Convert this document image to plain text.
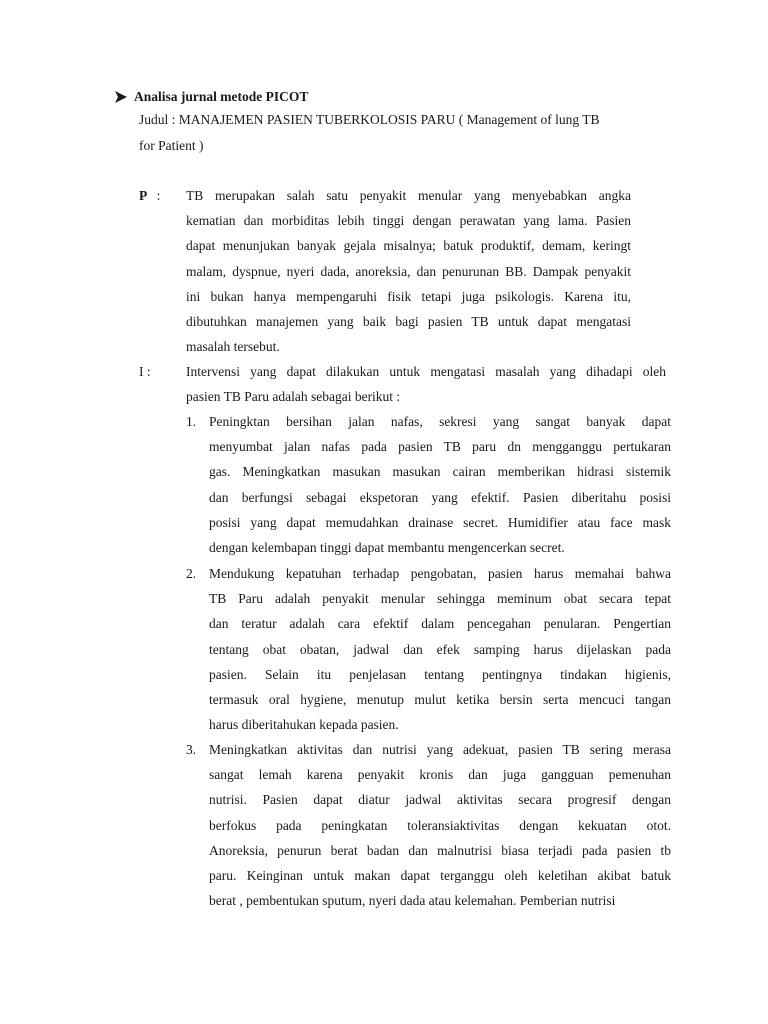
Analisa jurnal metode PICOT
Judul : MANAJEMEN PASIEN TUBERKOLOSIS PARU ( Management of lung TB
for Patient )
P : TB merupakan salah satu penyakit menular yang menyebabkan angka
kematian dan morbiditas lebih tinggi dengan perawatan yang lama. Pasien
dapat menunjukan banyak gejala misalnya; batuk produktif, demam, keringt
malam, dyspnue, nyeri dada, anoreksia, dan penurunan BB. Dampak penyakit
ini bukan hanya mempengaruhi fisik tetapi juga psikologis. Karena itu,
dibutuhkan manajemen yang baik bagi pasien TB untuk dapat mengatasi
masalah tersebut.
I :	Intervensi yang dapat dilakukan untuk mengatasi masalah yang dihadapi oleh
pasien TB Paru adalah sebagai berikut :
1. Peningktan bersihan jalan nafas, sekresi yang sangat banyak dapat
menyumbat jalan nafas pada pasien TB paru dn mengganggu pertukaran
gas. Meningkatkan masukan masukan cairan memberikan hidrasi sistemik
dan berfungsi sebagai ekspetoran yang efektif. Pasien diberitahu posisi
posisi yang dapat memudahkan drainase secret. Humidifier atau face mask
dengan kelembapan tinggi dapat membantu mengencerkan secret.
2. Mendukung kepatuhan terhadap pengobatan, pasien harus memahai bahwa
TB Paru adalah penyakit menular sehingga meminum obat secara tepat
dan teratur adalah cara efektif dalam pencegahan penularan. Pengertian
tentang obat obatan, jadwal dan efek samping harus dijelaskan pada
pasien. Selain itu penjelasan tentang pentingnya tindakan higienis,
termasuk oral hygiene, menutup mulut ketika bersin serta mencuci tangan
harus diberitahukan kepada pasien.
3. Meningkatkan aktivitas dan nutrisi yang adekuat, pasien TB sering merasa
sangat lemah karena penyakit kronis dan juga gangguan pemenuhan
nutrisi. Pasien dapat diatur jadwal aktivitas secara progresif dengan
berfokus pada peningkatan toleransiaktivitas dengan kekuatan otot.
Anoreksia, penurun berat badan dan malnutrisi biasa terjadi pada pasien tb
paru. Keinginan untuk makan dapat terganggu oleh keletihan akibat batuk
berat , pembentukan sputum, nyeri dada atau kelemahan. Pemberian nutrisi
